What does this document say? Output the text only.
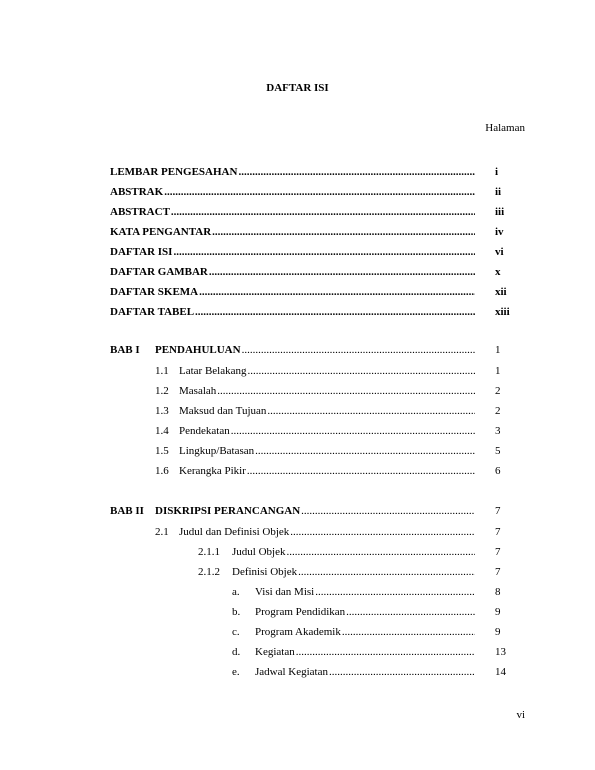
DAFTAR ISI
Halaman
LEMBAR PENGESAHAN .....	i
ABSTRAK .....	ii
ABSTRACT .....	iii
KATA PENGANTAR .....	iv
DAFTAR ISI .....	vi
DAFTAR GAMBAR .....	x
DAFTAR SKEMA .....	xii
DAFTAR TABEL .....	xiii
BAB I	PENDAHULUAN .....	1
1.1 Latar Belakang .....	1
1.2 Masalah .....	2
1.3 Maksud dan Tujuan .....	2
1.4 Pendekatan .....	3
1.5 Lingkup/Batasan .....	5
1.6 Kerangka Pikir .....	6
BAB II	DISKRIPSI PERANCANGAN .....	7
2.1 Judul dan Definisi Objek .....	7
2.1.1	Judul Objek .....	7
2.1.2	Definisi Objek .....	7
a.	Visi dan Misi .....	8
b.	Program Pendidikan .....	9
c.	Program Akademik .....	9
d.	Kegiatan .....	13
e.	Jadwal Kegiatan .....	14
vi
